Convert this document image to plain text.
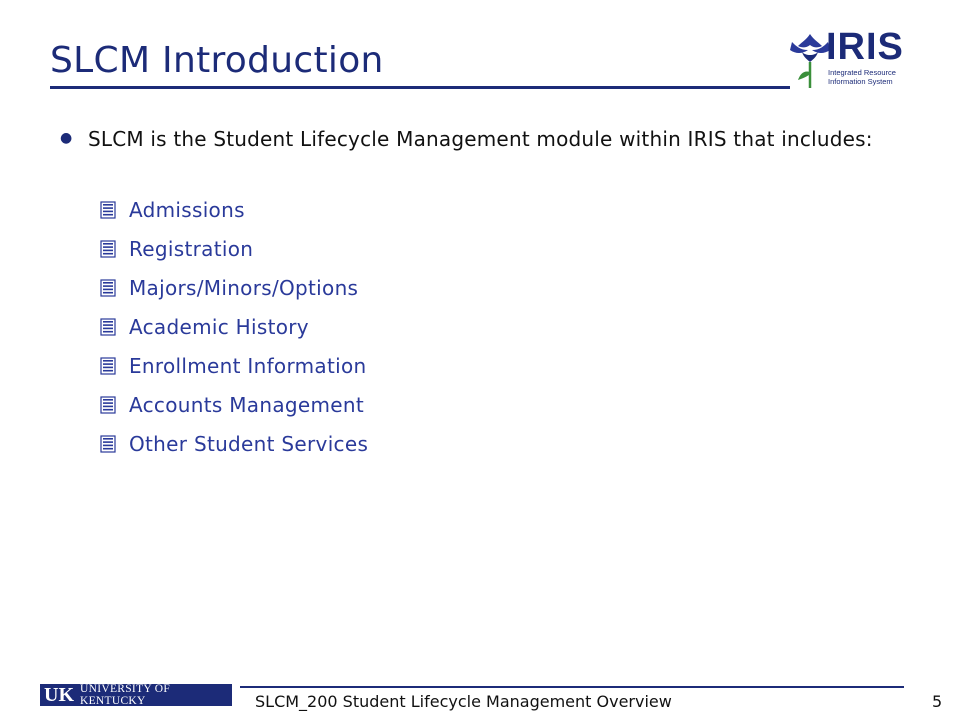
SLCM Introduction	IRIS
Integrated Resource
Information System
● SLCM is the Student Lifecycle Management module within IRIS that includes:
Admissions
Registration
Majors/Minors/Options
Academic History
Enrollment Information
Accounts Management
Other Student Services
UK UNIVERSITY OF KENTUCKY	SLCM_200 Student Lifecycle Management Overview	5
